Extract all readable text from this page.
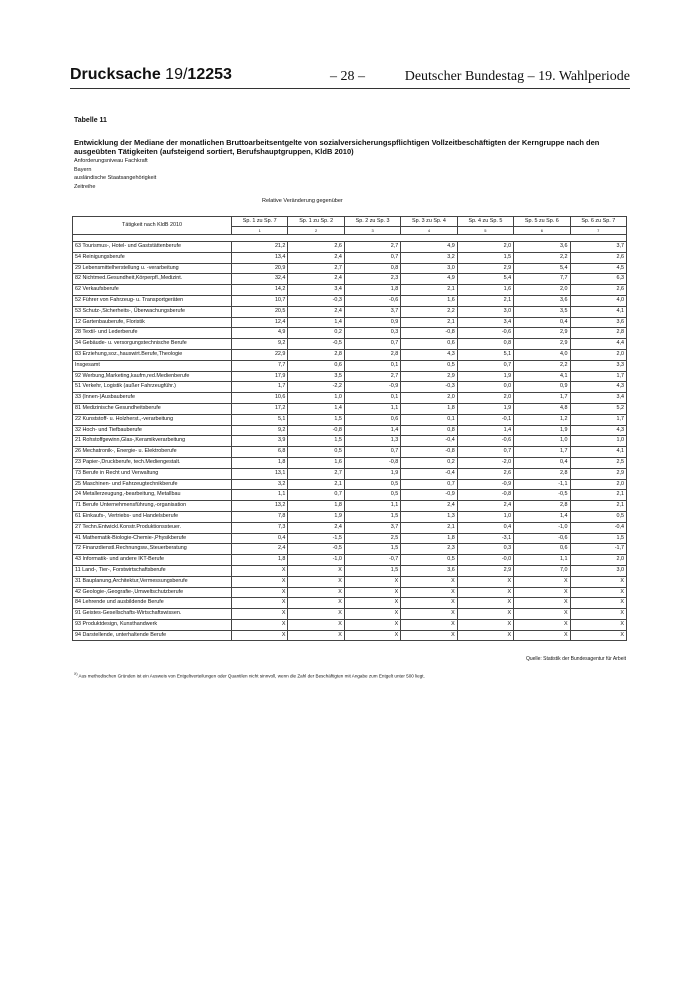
Drucksache 19/12253	– 28 –	Deutscher Bundestag – 19. Wahlperiode
Tabelle 11
Entwicklung der Mediane der monatlichen Bruttoarbeitsentgelte von sozialversicherungspflichtigen Vollzeitbeschäftigten der Kerngruppe nach den ausgeübten Tätigkeiten (aufsteigend sortiert, Berufshauptgruppen, KldB 2010)
Anforderungsniveau Fachkraft
Bayern
ausländische Staatsangehörigkeit
Zeitreihe
Relative Veränderung gegenüber
Tätigkeit nach KldB 2010	Sp. 1 zu Sp. 7	Sp. 1 zu Sp. 2	Sp. 2 zu Sp. 3	Sp. 3 zu Sp. 4	Sp. 4 zu Sp. 5	Sp. 5 zu Sp. 6	Sp. 6 zu Sp. 7
	1	2	3	4	5	6	7

63 Tourismus-, Hotel- und Gaststättenberufe	21,2	2,6	2,7	4,9	2,0	3,6	3,7
54 Reinigungsberufe	13,4	2,4	0,7	3,2	1,5	2,2	2,6
29 Lebensmittelherstellung u. -verarbeitung	20,9	2,7	0,8	3,0	2,9	5,4	4,5
82 Nichtmed.Gesundheit,Körperpfl.,Medizint.	32,4	2,4	2,3	4,9	5,4	7,7	6,3
62 Verkaufsberufe	14,2	3,4	1,8	2,1	1,6	2,0	2,6
52 Führer von Fahrzeug- u. Transportgeräten	10,7	-0,3	-0,6	1,6	2,1	3,6	4,0
53 Schutz-,Sicherheits-, Überwachungsberufe	20,5	2,4	3,7	2,2	3,0	3,5	4,1
12 Gartenbauberufe, Floristik	12,4	1,4	0,9	2,1	3,4	0,4	3,6
28 Textil- und Lederberufe	4,9	0,2	0,3	-0,8	-0,6	2,9	2,8
34 Gebäude- u. versorgungstechnische Berufe	9,2	-0,5	0,7	0,6	0,8	2,9	4,4
83 Erziehung,soz.,hauswirt.Berufe,Theologie	22,9	2,8	2,8	4,3	5,1	4,0	2,0
Insgesamt	7,7	0,6	0,1	0,5	0,7	2,2	3,3
92 Werbung,Marketing,kaufm,red.Medienberufe	17,9	3,5	2,7	2,9	1,9	4,1	1,7
51 Verkehr, Logistik (außer Fahrzeugführ.)	1,7	-2,2	-0,9	-0,3	0,0	0,9	4,3
33 (Innen-)Ausbauberufe	10,6	1,0	0,1	2,0	2,0	1,7	3,4
81 Medizinische Gesundheitsberufe	17,2	1,4	1,1	1,8	1,9	4,8	5,2
22 Kunststoff- u. Holzherst.,-verarbeitung	5,1	1,5	0,6	0,1	-0,1	1,2	1,7
32 Hoch- und Tiefbauberufe	9,2	-0,8	1,4	0,8	1,4	1,9	4,3
21 Rohstoffgewinn,Glas-,Keramikverarbeitung	3,9	1,5	1,3	-0,4	-0,6	1,0	1,0
26 Mechatronik-, Energie- u. Elektroberufe	6,8	0,5	0,7	-0,8	0,7	1,7	4,1
23 Papier-,Druckberufe, tech.Mediengestalt.	1,8	1,6	-0,8	0,2	-2,0	0,4	2,5
73 Berufe in Recht und Verwaltung	13,1	2,7	1,9	-0,4	2,6	2,8	2,9
25 Maschinen- und Fahrzeugtechnikberufe	3,2	2,1	0,5	0,7	-0,9	-1,1	2,0
24 Metallerzeugung,-bearbeitung, Metallbau	1,1	0,7	0,5	-0,9	-0,8	-0,5	2,1
71 Berufe Unternehmensführung,-organisation	13,2	1,8	1,1	2,4	2,4	2,8	2,1
61 Einkaufs-, Vertriebs- und Handelsberufe	7,8	1,9	1,5	1,3	1,0	1,4	0,5
27 Techn.Entwickl.Konstr.Produktionssteuer.	7,3	2,4	3,7	2,1	0,4	-1,0	-0,4
41 Mathematik-Biologie-Chemie-,Physikberufe	0,4	-1,5	2,5	1,8	-3,1	-0,6	1,5
72 Finanzdienstl.Rechnungsw.,Steuerberatung	2,4	-0,5	1,5	2,3	0,3	0,6	-1,7
43 Informatik- und andere IKT-Berufe	1,8	-1,0	-0,7	0,5	-0,0	1,1	2,0
11 Land-, Tier-, Forstwirtschaftsberufe	X	X	1,5	3,6	2,9	7,0	3,0
31 Bauplanung,Architektur,Vermessungsberufe	X	X	X	X	X	X	X
42 Geologie-,Geografie-,Umweltschutzberufe	X	X	X	X	X	X	X
84 Lehrende und ausbildende Berufe	X	X	X	X	X	X	X
91 Geistes-Gesellschafts-Wirtschaftswissen.	X	X	X	X	X	X	X
93 Produktdesign, Kunsthandwerk	X	X	X	X	X	X	X
94 Darstellende, unterhaltende Berufe	X	X	X	X	X	X	X
Quelle: Statistik der Bundesagentur für Arbeit
$^{X)}$ Aus methodischen Gründen ist ein Ausweis von Entgeltverteilungen oder Quantilen nicht sinnvoll, wenn die Zahl der Beschäftigten mit Angabe zum Entgelt unter 500 liegt.
